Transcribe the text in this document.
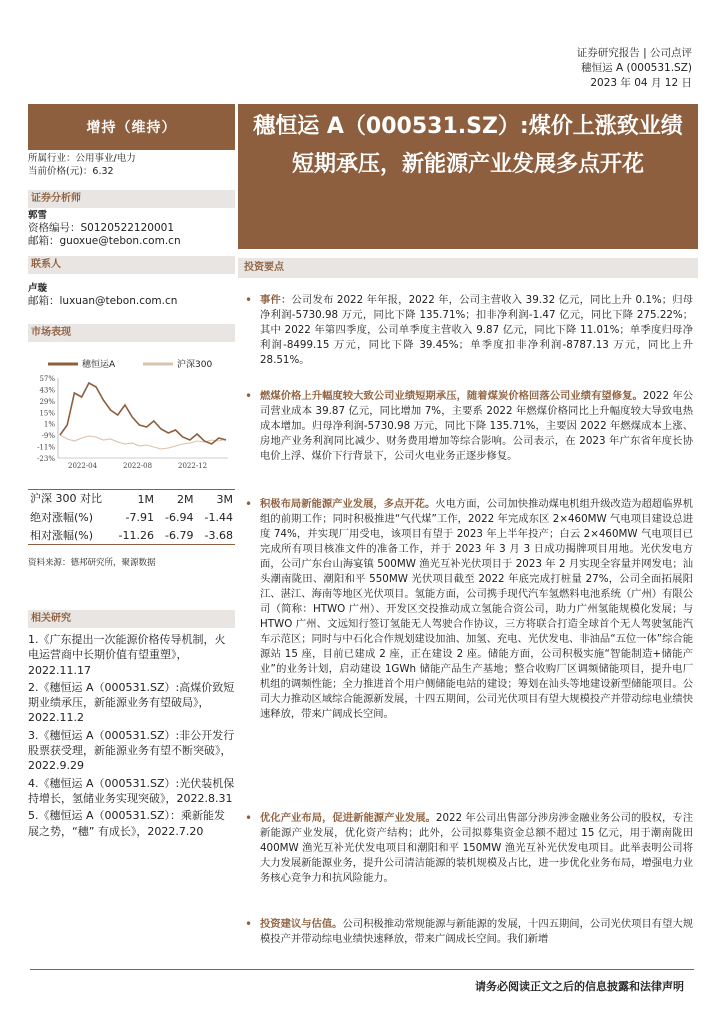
证券研究报告 | 公司点评
穗恒运 A (000531.SZ)
2023 年 04 月 12 日
增持（维持）	穗恒运 A（000531.SZ）:煤价上涨致业绩短期承压，新能源产业发展多点开花
所属行业：公用事业/电力
当前价格(元)：6.32
证券分析师
郭雪
资格编号：S0120522120001
邮箱：guoxue@tebon.com.cn
联系人
卢璇
邮箱：luxuan@tebon.com.cn
市场表现
穗恒运A	沪深300
57%
43%
29%
15%
1%
-9%
-11%
-23%
2022-04	2022-08	2022-12
沪深 300 对比	1M	2M	3M
绝对涨幅(%)	-7.91	-6.94	-1.44
相对涨幅(%)	-11.26	-6.79	-3.68
资料来源：德邦研究所，聚源数据
相关研究
1.《广东提出一次能源价格传导机制，火电运营商中长期价值有望重塑》，2022.11.17
2.《穗恒运 A（000531.SZ）:高煤价致短期业绩承压，新能源业务有望破局》，2022.11.2
3.《穗恒运 A（000531.SZ）:非公开发行股票获受理，新能源业务有望不断突破》，2022.9.29
4.《穗恒运 A（000531.SZ）:光伏装机保持增长，氢储业务实现突破》，2022.8.31
5.《穗恒运 A（000531.SZ）：乘新能发展之势，“穗” 有成长》，2022.7.20
投资要点
• 事件：公司发布 2022 年年报，2022 年，公司主营收入 39.32 亿元，同比上升 0.1%；归母净利润-5730.98 万元，同比下降 135.71%；扣非净利润-1.47 亿元，同比下降 275.22%；其中 2022 年第四季度，公司单季度主营收入 9.87 亿元，同比下降 11.01%；单季度归母净利润-8499.15 万元，同比下降 39.45%；单季度扣非净利润-8787.13 万元，同比上升 28.51%。
• 燃煤价格上升幅度较大致公司业绩短期承压，随着煤炭价格回落公司业绩有望修复。2022 年公司营业成本 39.87 亿元，同比增加 7%，主要系 2022 年燃煤价格同比上升幅度较大导致电热成本增加。归母净利润-5730.98 万元，同比下降 135.71%，主要因 2022 年燃煤成本上涨、房地产业务利润同比减少、财务费用增加等综合影响。公司表示，在 2023 年广东省年度长协电价上浮、煤价下行背景下，公司火电业务正逐步修复。
• 积极布局新能源产业发展，多点开花。火电方面，公司加快推动煤电机组升级改造为超超临界机组的前期工作；同时积极推进“气代煤”工作，2022 年完成东区 2×460MW 气电项目建设总进度 74%，并实现厂用受电，该项目有望于 2023 年上半年投产；白云 2×460MW 气电项目已完成所有项目核准文件的准备工作，并于 2023 年 3 月 3 日成功揭牌项目用地。光伏发电方面，公司广东台山海宴镇 500MW 渔光互补光伏项目于 2023 年 2 月实现全容量并网发电；汕头潮南陇田、潮阳和平 550MW 光伏项目截至 2022 年底完成打桩量 27%，公司全面拓展阳江、湛江、海南等地区光伏项目。氢能方面，公司携手现代汽车氢燃料电池系统（广州）有限公司（简称：HTWO 广州）、开发区交投推动成立氢能合资公司，助力广州氢能规模化发展；与 HTWO 广州、文远知行签订氢能无人驾驶合作协议，三方将联合打造全球首个无人驾驶氢能汽车示范区；同时与中石化合作规划建设加油、加氢、充电、光伏发电、非油品“五位一体”综合能源站 15 座，目前已建成 2 座，正在建设 2 座。储能方面，公司积极实施“智能制造+储能产业”的业务计划，启动建设 1GWh 储能产品生产基地；整合收购厂区调频储能项目，提升电厂机组的调频性能；全力推进首个用户侧储能电站的建设；筹划在汕头等地建设新型储能项目。公司大力推动区域综合能源新发展，十四五期间，公司光伏项目有望大规模投产并带动综电业绩快速释放，带来广阔成长空间。
• 优化产业布局，促进新能源产业发展。2022 年公司出售部分涉房涉金融业务公司的股权，专注新能源产业发展，优化资产结构；此外，公司拟募集资金总额不超过 15 亿元，用于潮南陇田 400MW 渔光互补光伏发电项目和潮阳和平 150MW 渔光互补光伏发电项目。此举表明公司将大力发展新能源业务，提升公司清洁能源的装机规模及占比，进一步优化业务布局，增强电力业务核心竞争力和抗风险能力。
• 投资建议与估值。公司积极推动常规能源与新能源的发展，十四五期间，公司光伏项目有望大规模投产并带动综电业绩快速释放，带来广阔成长空间。我们新增
请务必阅读正文之后的信息披露和法律声明
